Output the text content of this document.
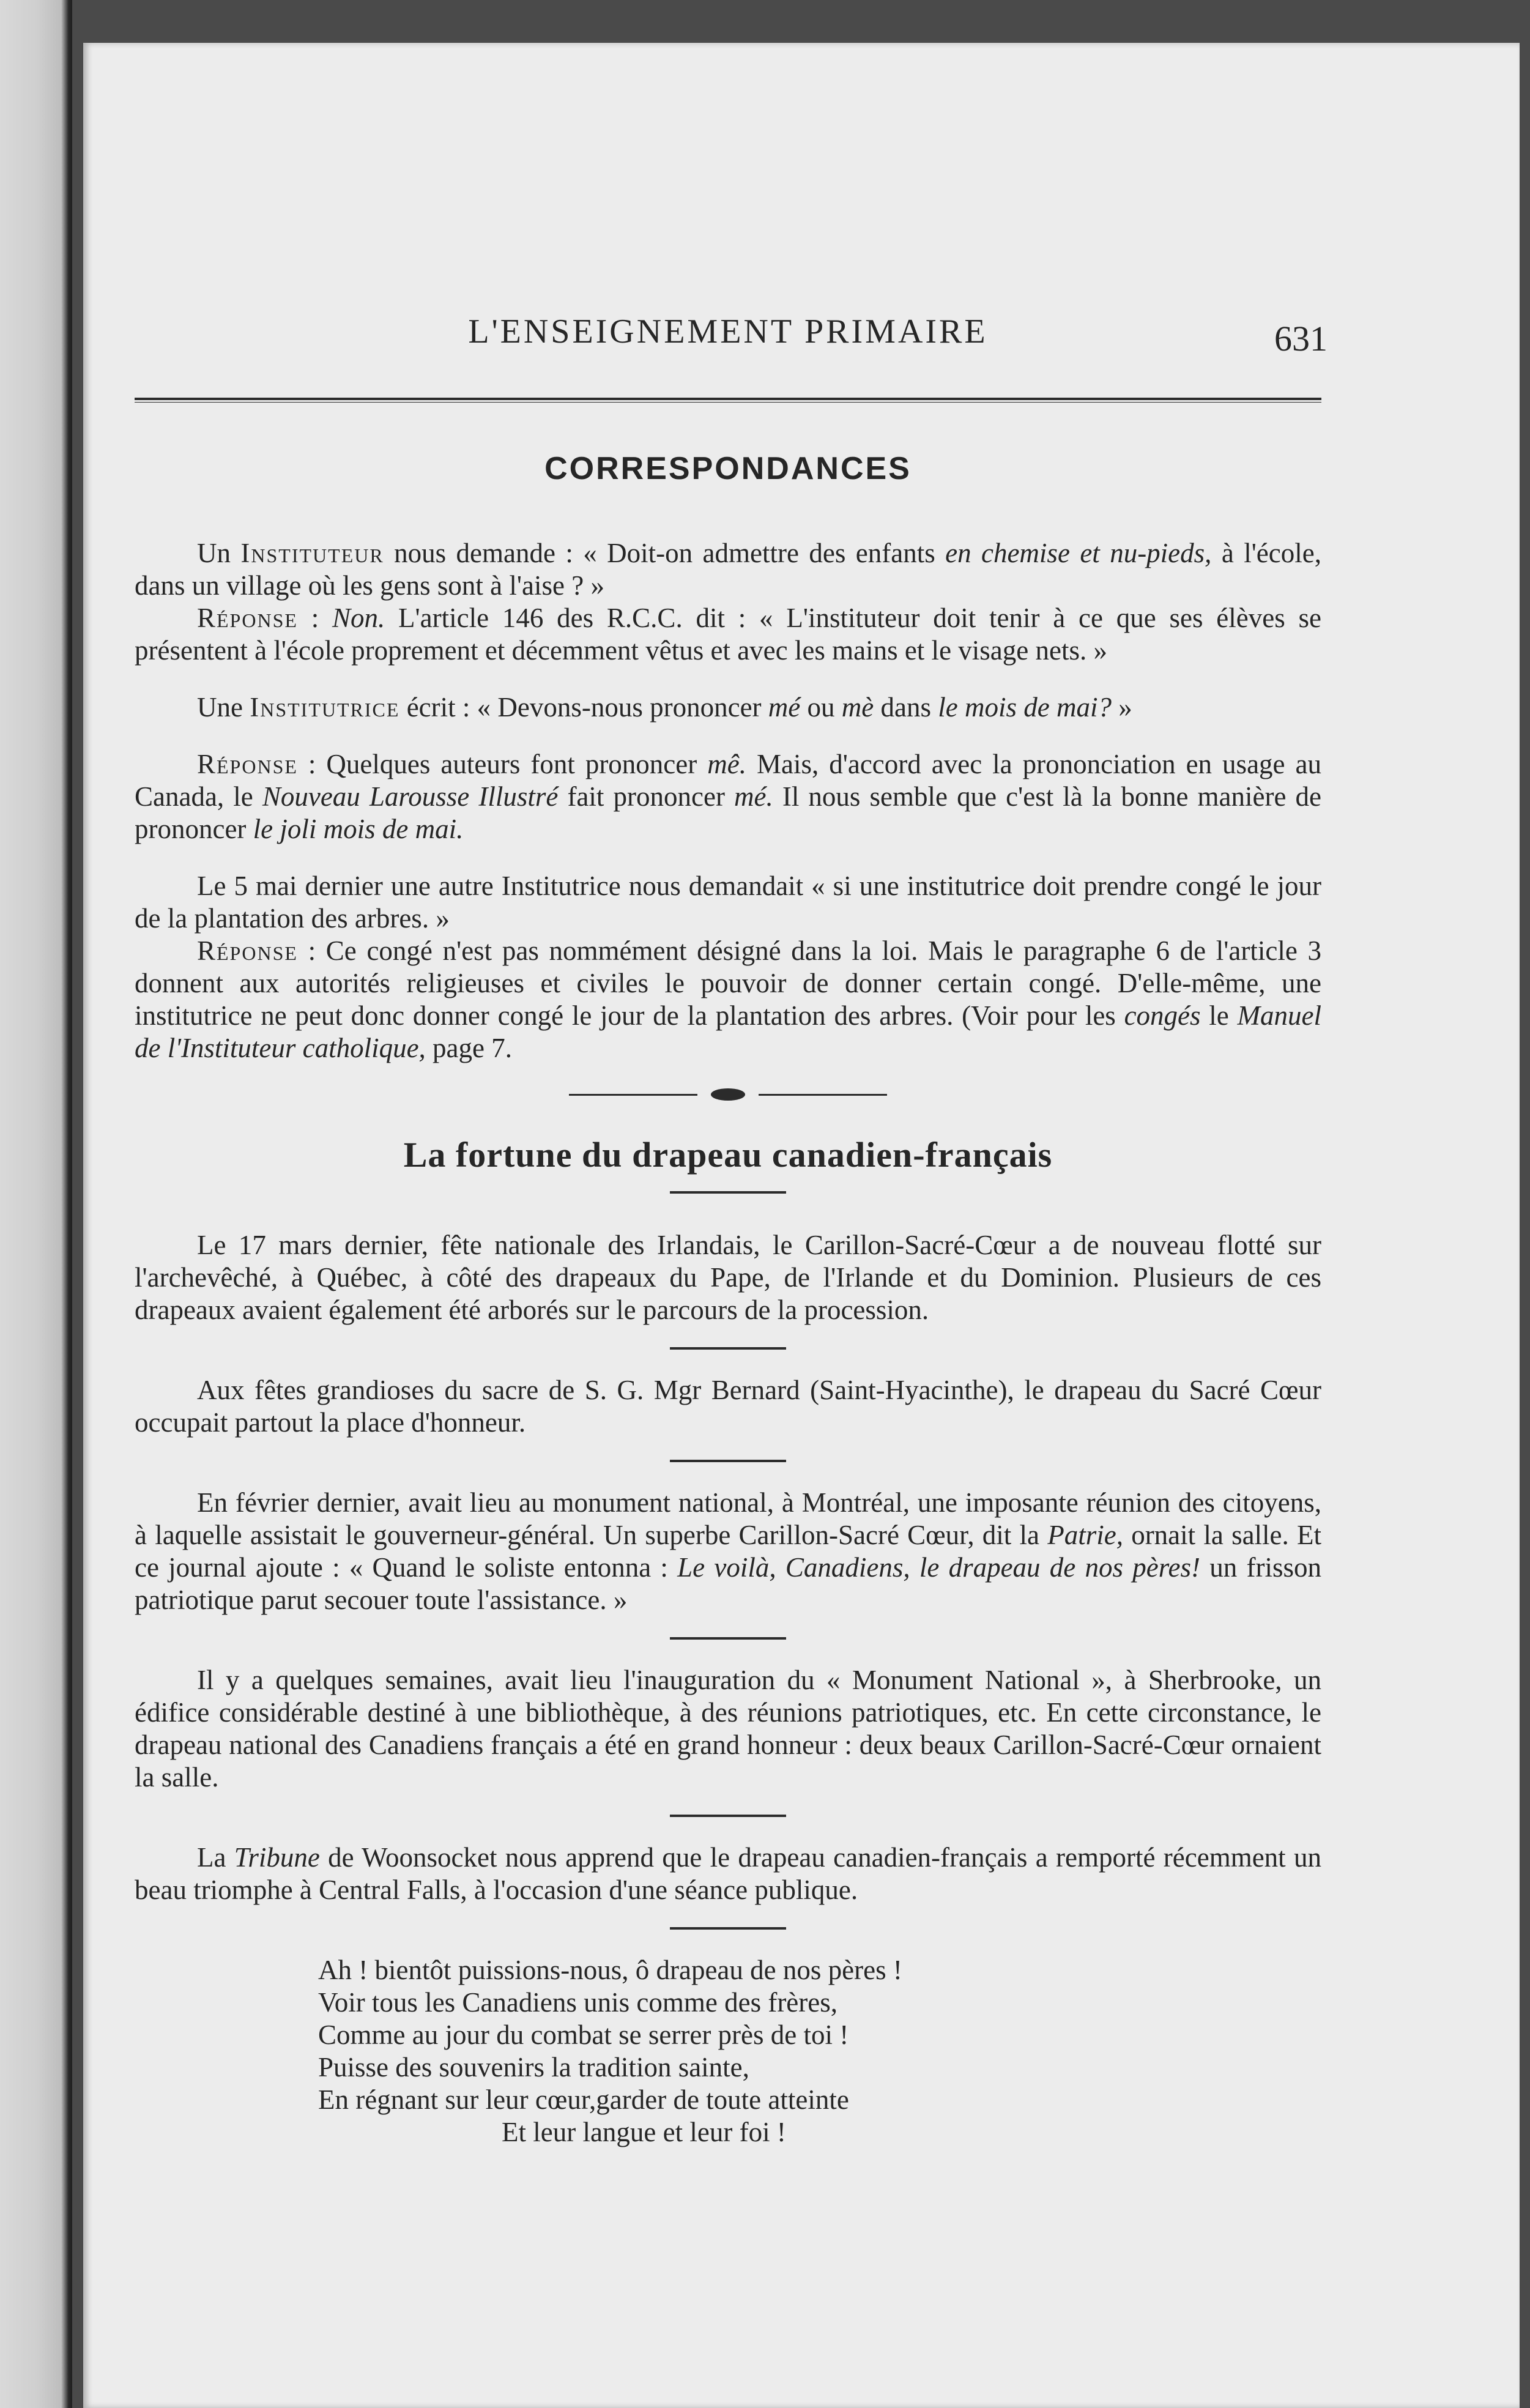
L'ENSEIGNEMENT PRIMAIRE	631
CORRESPONDANCES

Un Instituteur nous demande : « Doit-on admettre des enfants en chemise et nu-pieds, à l'école, dans un village où les gens sont à l'aise ? »

Réponse : Non. L'article 146 des R.C.C. dit : « L'instituteur doit tenir à ce que ses élèves se présentent à l'école proprement et décemment vêtus et avec les mains et le visage nets. »

Une Institutrice écrit : « Devons-nous prononcer mé ou mè dans le mois de mai? »

Réponse : Quelques auteurs font prononcer mê. Mais, d'accord avec la prononciation en usage au Canada, le Nouveau Larousse Illustré fait prononcer mé. Il nous semble que c'est là la bonne manière de prononcer le joli mois de mai.

Le 5 mai dernier une autre Institutrice nous demandait « si une institutrice doit prendre congé le jour de la plantation des arbres. »

Réponse : Ce congé n'est pas nommément désigné dans la loi. Mais le paragraphe 6 de l'article 3 donnent aux autorités religieuses et civiles le pouvoir de donner certain congé. D'elle-même, une institutrice ne peut donc donner congé le jour de la plantation des arbres. (Voir pour les congés le Manuel de l'Instituteur catholique, page 7.

La fortune du drapeau canadien-français

Le 17 mars dernier, fête nationale des Irlandais, le Carillon-Sacré-Cœur a de nouveau flotté sur l'archevêché, à Québec, à côté des drapeaux du Pape, de l'Irlande et du Dominion. Plusieurs de ces drapeaux avaient également été arborés sur le parcours de la procession.

Aux fêtes grandioses du sacre de S. G. Mgr Bernard (Saint-Hyacinthe), le drapeau du Sacré Cœur occupait partout la place d'honneur.

En février dernier, avait lieu au monument national, à Montréal, une imposante réunion des citoyens, à laquelle assistait le gouverneur-général. Un superbe Carillon-Sacré Cœur, dit la Patrie, ornait la salle. Et ce journal ajoute : « Quand le soliste entonna : Le voilà, Canadiens, le drapeau de nos pères! un frisson patriotique parut secouer toute l'assistance. »

Il y a quelques semaines, avait lieu l'inauguration du « Monument National », à Sherbrooke, un édifice considérable destiné à une bibliothèque, à des réunions patriotiques, etc. En cette circonstance, le drapeau national des Canadiens français a été en grand honneur : deux beaux Carillon-Sacré-Cœur ornaient la salle.

La Tribune de Woonsocket nous apprend que le drapeau canadien-français a remporté récemment un beau triomphe à Central Falls, à l'occasion d'une séance publique.

Ah ! bientôt puissions-nous, ô drapeau de nos pères !
Voir tous les Canadiens unis comme des frères,
Comme au jour du combat se serrer près de toi !
Puisse des souvenirs la tradition sainte,
En régnant sur leur cœur,garder de toute atteinte
Et leur langue et leur foi !
